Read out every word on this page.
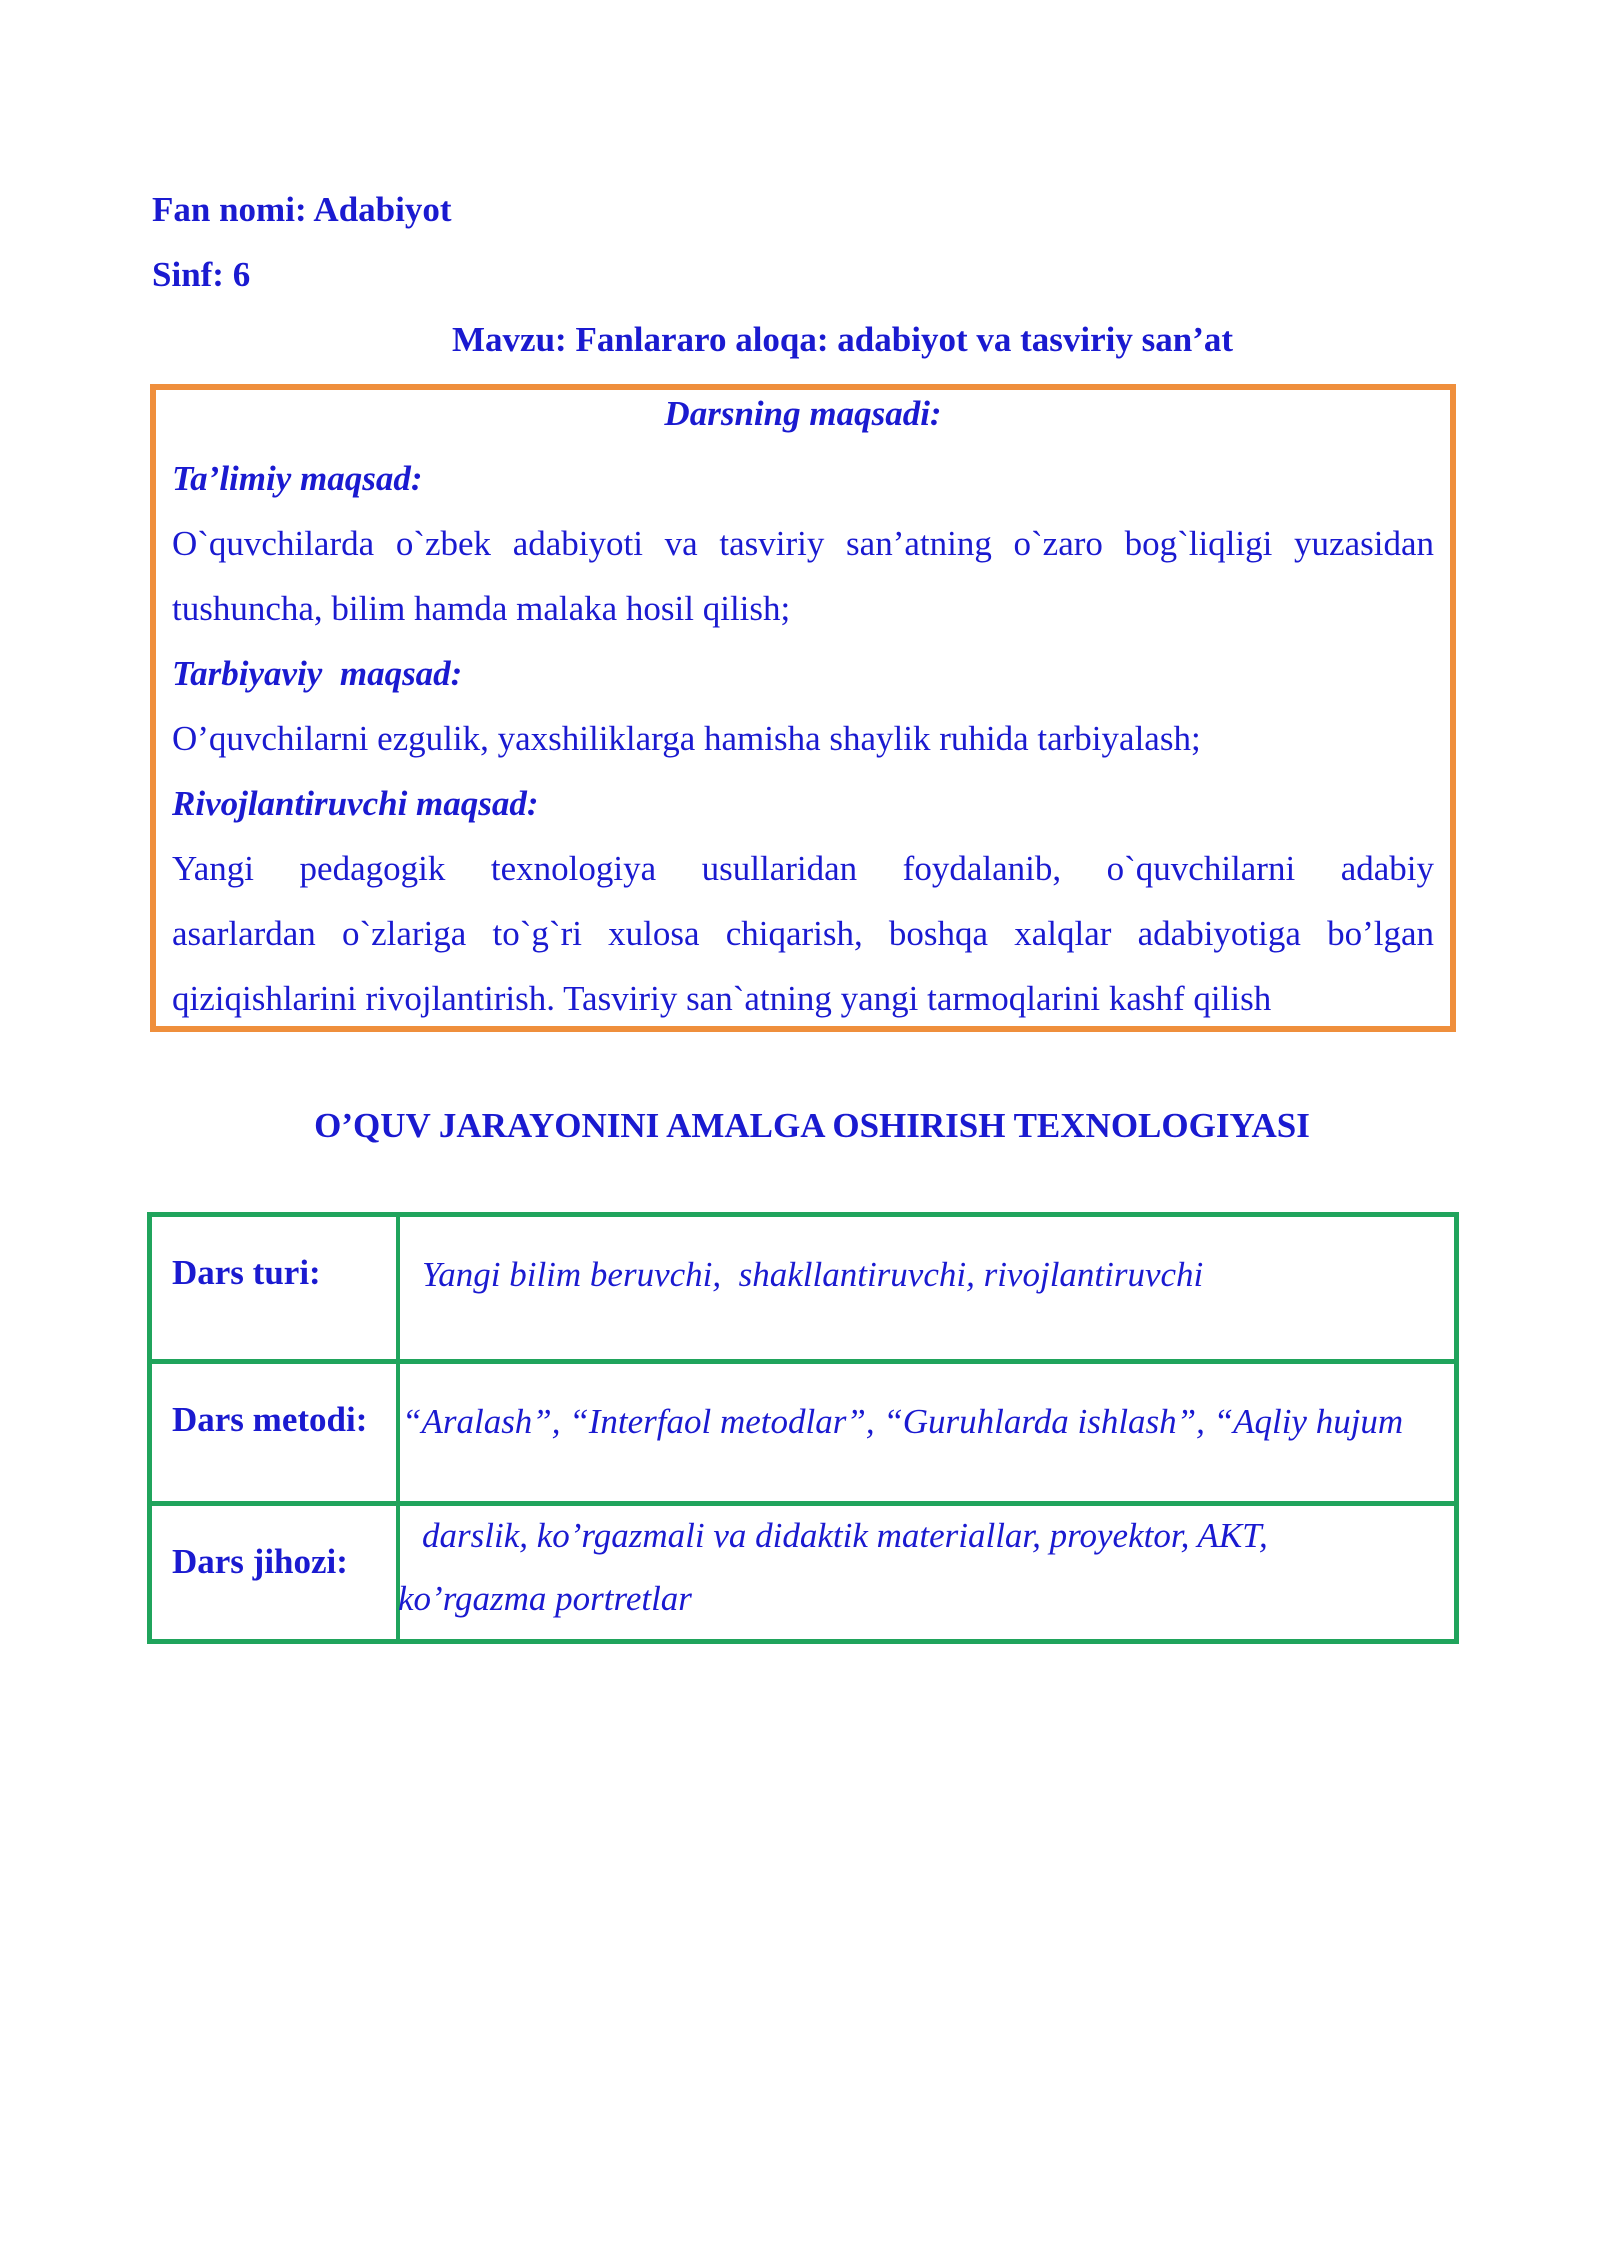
Fan nomi: Adabiyot
Sinf: 6
Mavzu: Fanlararo aloqa: adabiyot va tasviriy san’at
Darsning maqsadi:
Ta’limiy maqsad:
O`quvchilarda o`zbek adabiyoti va tasviriy san’atning o`zaro bog`liqligi yuzasidan
tushuncha, bilim hamda malaka hosil qilish;
Tarbiyaviy  maqsad:
O’quvchilarni ezgulik, yaxshiliklarga hamisha shaylik ruhida tarbiyalash;
Rivojlantiruvchi maqsad:
Yangi pedagogik texnologiya usullaridan foydalanib, o`quvchilarni adabiy
asarlardan o`zlariga to`g`ri xulosa chiqarish, boshqa xalqlar adabiyotiga bo’lgan
qiziqishlarini rivojlantirish. Tasviriy san`atning yangi tarmoqlarini kashf qilish
O’QUV JARAYONINI AMALGA OSHIRISH TEXNOLOGIYASI
Dars turi:	Yangi bilim beruvchi,  shakllantiruvchi, rivojlantiruvchi
Dars metodi: “Aralash”, “Interfaol metodlar”, “Guruhlarda ishlash”, “Aqliy hujum
Dars jihozi:
darslik, ko’rgazmali va didaktik materiallar, proyektor, AKT,
ko’rgazma portretlar
